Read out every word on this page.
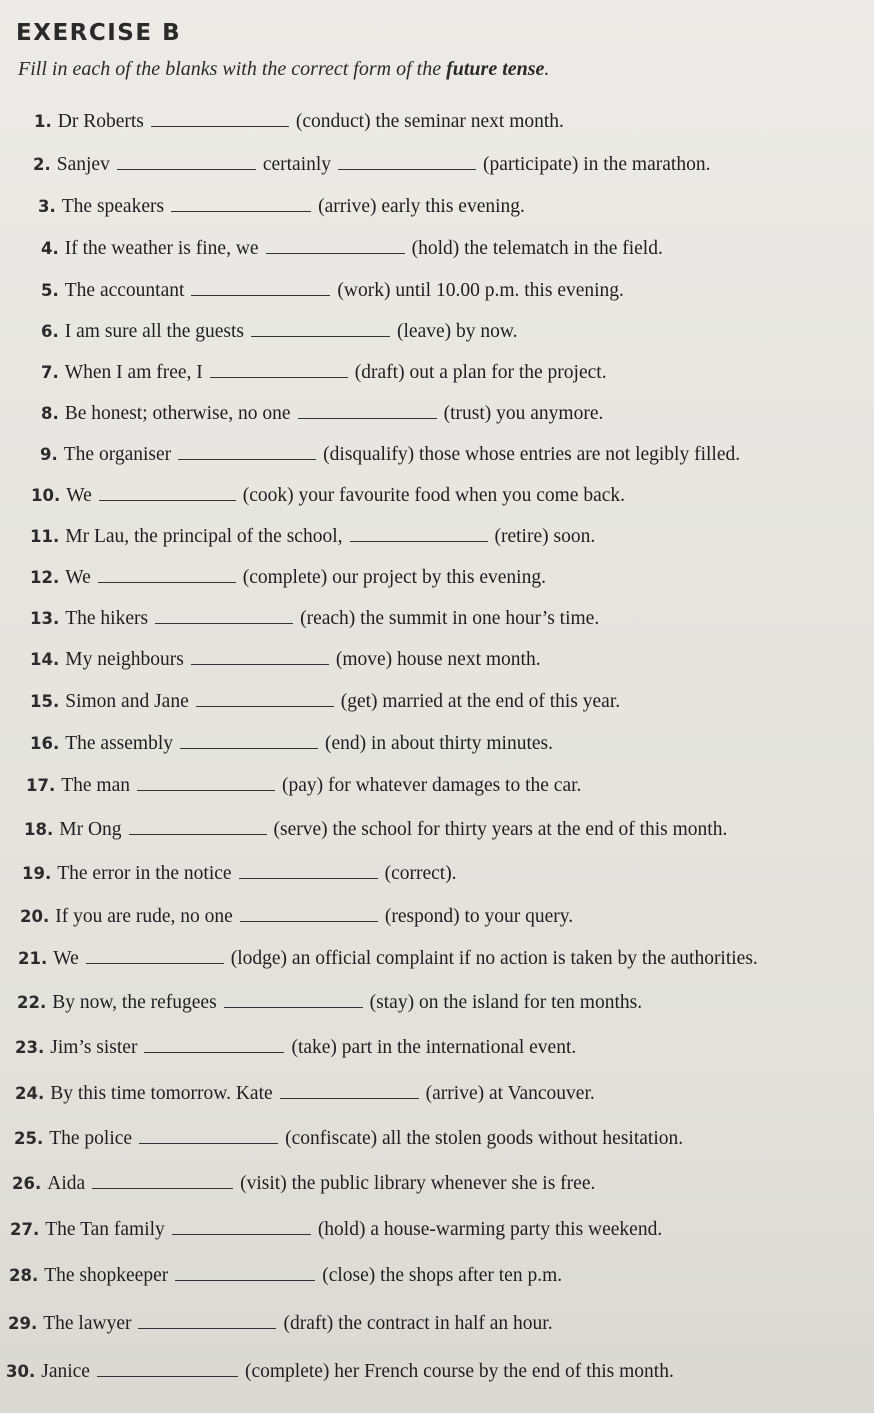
EXERCISE B

Fill in each of the blanks with the correct form of the future tense.

1. Dr Roberts	(conduct) the seminar next month.
2. Sanjev	certainly	(participate) in the marathon.
3. The speakers	(arrive) early this evening.
4. If the weather is fine, we	(hold) the telematch in the field.
5. The accountant	(work) until 10.00 p.m. this evening.
6. I am sure all the guests	(leave) by now.
7. When I am free, I	(draft) out a plan for the project.
8. Be honest; otherwise, no one	(trust) you anymore.
9. The organiser	(disqualify) those whose entries are not legibly filled.
10. We	(cook) your favourite food when you come back.
11. Mr Lau, the principal of the school,	(retire) soon.
12. We	(complete) our project by this evening.
13. The hikers	(reach) the summit in one hour’s time.
14. My neighbours	(move) house next month.
15. Simon and Jane	(get) married at the end of this year.
16. The assembly	(end) in about thirty minutes.
17. The man	(pay) for whatever damages to the car.
18. Mr Ong	(serve) the school for thirty years at the end of this month.
19. The error in the notice	(correct).
20. If you are rude, no one	(respond) to your query.
21. We	(lodge) an official complaint if no action is taken by the authorities.
22. By now, the refugees	(stay) on the island for ten months.
23. Jim’s sister	(take) part in the international event.
24. By this time tomorrow. Kate	(arrive) at Vancouver.
25. The police	(confiscate) all the stolen goods without hesitation.
26. Aida	(visit) the public library whenever she is free.
27. The Tan family	(hold) a house-warming party this weekend.
28. The shopkeeper	(close) the shops after ten p.m.
29. The lawyer	(draft) the contract in half an hour.
30. Janice	(complete) her French course by the end of this month.
